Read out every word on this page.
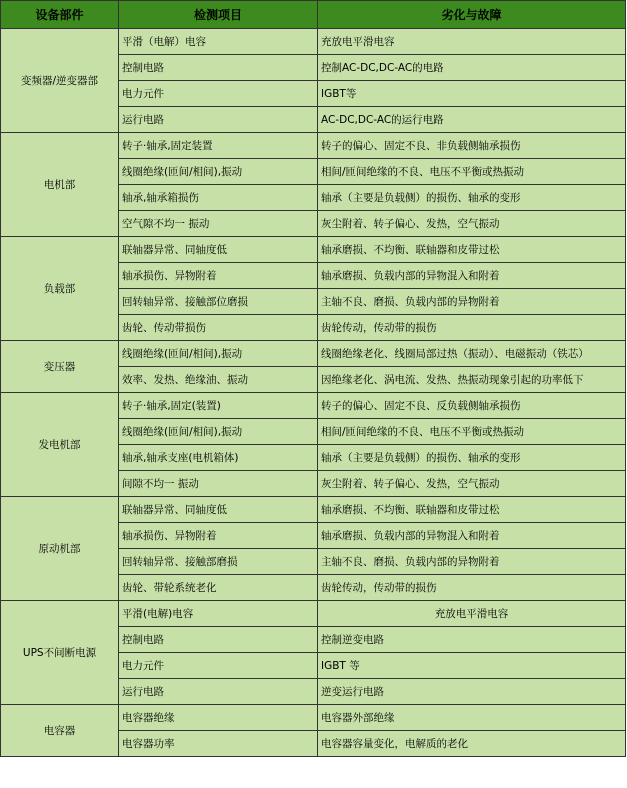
设备部件	检测项目	劣化与故障
变频器/逆变器部	平滑（电解）电容	充放电平滑电容
	控制电路	控制AC-DC,DC-AC的电路
	电力元件	IGBT等
	运行电路	AC-DC,DC-AC的运行电路
电机部	转子·轴承,固定装置	转子的偏心、固定不良、非负载侧轴承损伤
	线圈绝缘(匝间/相间),振动	相间/匝间绝缘的不良、电压不平衡或热振动
	轴承,轴承箱损伤	轴承（主要是负载侧）的损伤、轴承的变形
	空气隙不均一 振动	灰尘附着、转子偏心、发热，空气振动
负载部	联轴器异常、同轴度低	轴承磨损、不均衡、联轴器和皮带过松
	轴承损伤、异物附着	轴承磨损、负载内部的异物混入和附着
	回转轴异常、接触部位磨损	主轴不良、磨损、负载内部的异物附着
	齿轮、传动带损伤	齿轮传动，传动带的损伤
变压器	线圈绝缘(匝间/相间),振动	线圈绝缘老化、线圈局部过热（振动）、电磁振动（铁芯）
	效率、发热、绝缘油、振动	因绝缘老化、涡电流、发热、热振动现象引起的功率低下
发电机部	转子·轴承,固定(装置)	转子的偏心、固定不良、反负载侧轴承损伤
	线圈绝缘(匝间/相间),振动	相间/匝间绝缘的不良、电压不平衡或热振动
	轴承,轴承支座(电机箱体)	轴承（主要是负载侧）的损伤、轴承的变形
	间隙不均一 振动	灰尘附着、转子偏心、发热，空气振动
原动机部	联轴器异常、同轴度低	轴承磨损、不均衡、联轴器和皮带过松
	轴承损伤、异物附着	轴承磨损、负载内部的异物混入和附着
	回转轴异常、接触部磨损	主轴不良、磨损、负载内部的异物附着
	齿轮、带轮系统老化	齿轮传动，传动带的损伤
UPS不间断电源	平滑(电解)电容	充放电平滑电容
	控制电路	控制逆变电路
	电力元件	IGBT 等
	运行电路	逆变运行电路
电容器	电容器绝缘	电容器外部绝缘
	电容器功率	电容器容量变化，电解质的老化
